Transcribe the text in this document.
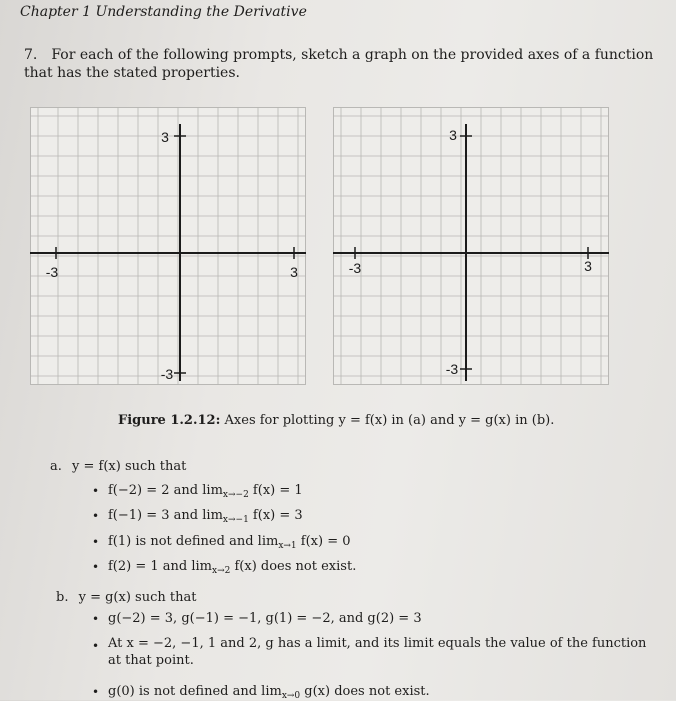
Chapter 1 Understanding the Derivative
7. For each of the following prompts, sketch a graph on the provided axes of a function that has the stated properties.
-3	3
3
-3
-3	3
3
-3
Figure 1.2.12: Axes for plotting y = f(x) in (a) and y = g(x) in (b).
a. y = f(x) such that
• f(−2) = 2 and $\lim_{x\to-2} f(x) = 1$
• f(−1) = 3 and $\lim_{x\to-1} f(x) = 3$
• f(1) is not defined and $\lim_{x\to 1} f(x) = 0$
• f(2) = 1 and $\lim_{x\to 2} f(x)$ does not exist.
b. y = g(x) such that
• g(−2) = 3, g(−1) = −1, g(1) = −2, and g(2) = 3
• At x = −2, −1, 1 and 2, g has a limit, and its limit equals the value of the function
at that point.
• g(0) is not defined and $\lim_{x\to 0} g(x)$ does not exist.
